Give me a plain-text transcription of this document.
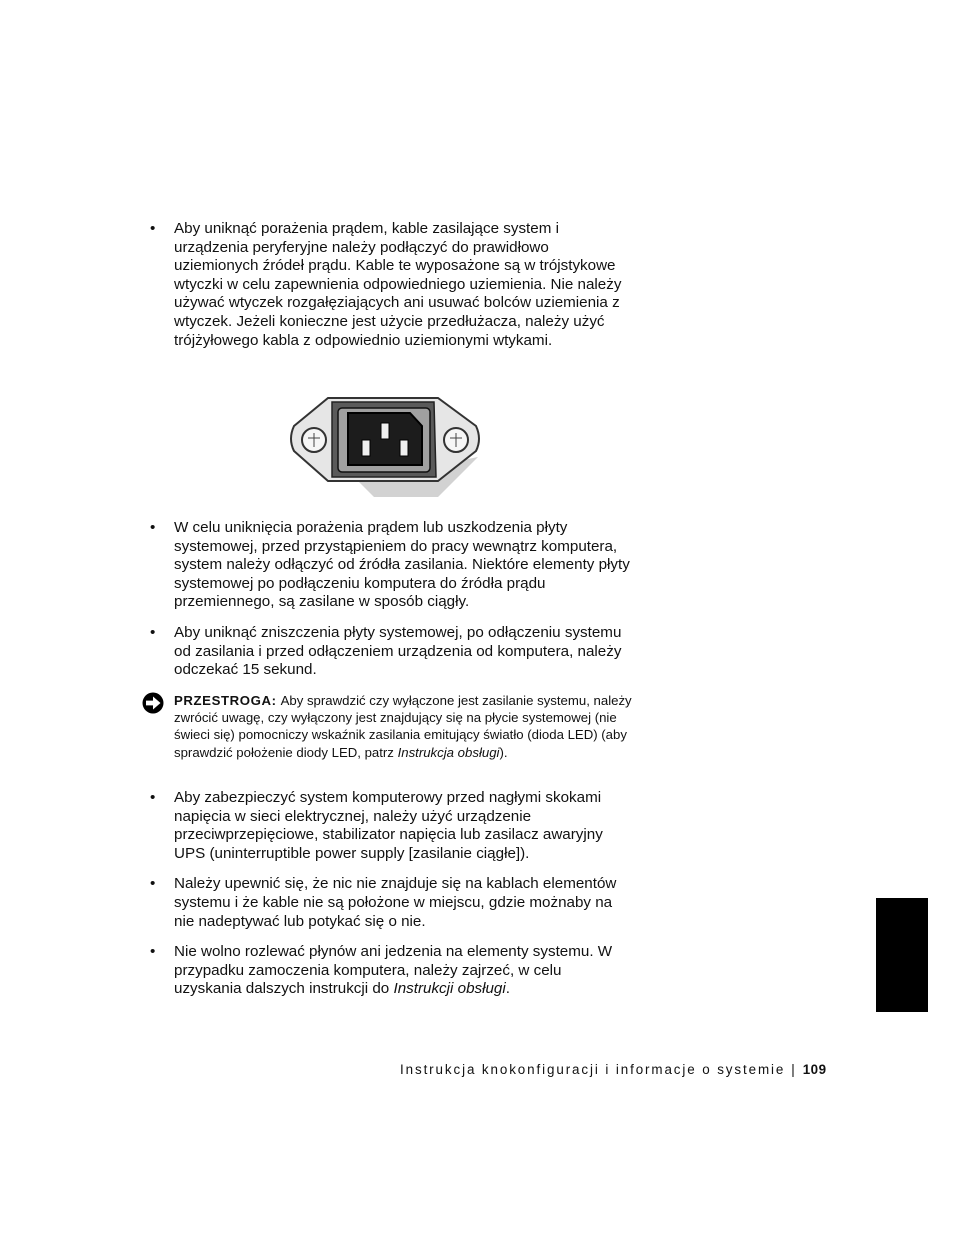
• Aby uniknąć porażenia prądem, kable zasilające system i urządzenia peryferyjne należy podłączyć do prawidłowo uziemionych źródeł prądu. Kable te wyposażone są w trójstykowe wtyczki w celu zapewnienia odpowiedniego uziemienia. Nie należy używać wtyczek rozgałęziających ani usuwać bolców uziemienia z wtyczek. Jeżeli konieczne jest użycie przedłużacza, należy użyć trójżyłowego kabla z odpowiednio uziemionymi wtykami.
• W celu uniknięcia porażenia prądem lub uszkodzenia płyty systemowej, przed przystąpieniem do pracy wewnątrz komputera, system należy odłączyć od źródła zasilania. Niektóre elementy płyty systemowej po podłączeniu komputera do źródła prądu przemiennego, są zasilane w sposób ciągły.
• Aby uniknąć zniszczenia płyty systemowej, po odłączeniu systemu od zasilania i przed odłączeniem urządzenia od komputera, należy odczekać 15 sekund.
PRZESTROGA: Aby sprawdzić czy wyłączone jest zasilanie systemu, należy zwrócić uwagę, czy wyłączony jest znajdujący się na płycie systemowej (nie świeci się) pomocniczy wskaźnik zasilania emitujący światło (dioda LED) (aby sprawdzić położenie diody LED, patrz Instrukcja obsługi).
• Aby zabezpieczyć system komputerowy przed nagłymi skokami napięcia w sieci elektrycznej, należy użyć urządzenie przeciwprzepięciowe, stabilizator napięcia lub zasilacz awaryjny UPS (uninterruptible power supply [zasilanie ciągłe]).
• Należy upewnić się, że nic nie znajduje się na kablach elementów systemu i że kable nie są położone w miejscu, gdzie możnaby na nie nadeptywać lub potykać się o nie.
• Nie wolno rozlewać płynów ani jedzenia na elementy systemu. W przypadku zamoczenia komputera, należy zajrzeć, w celu uzyskania dalszych instrukcji do Instrukcji obsługi.
Instrukcja knokonfiguracji i informacje o systemie | 109
